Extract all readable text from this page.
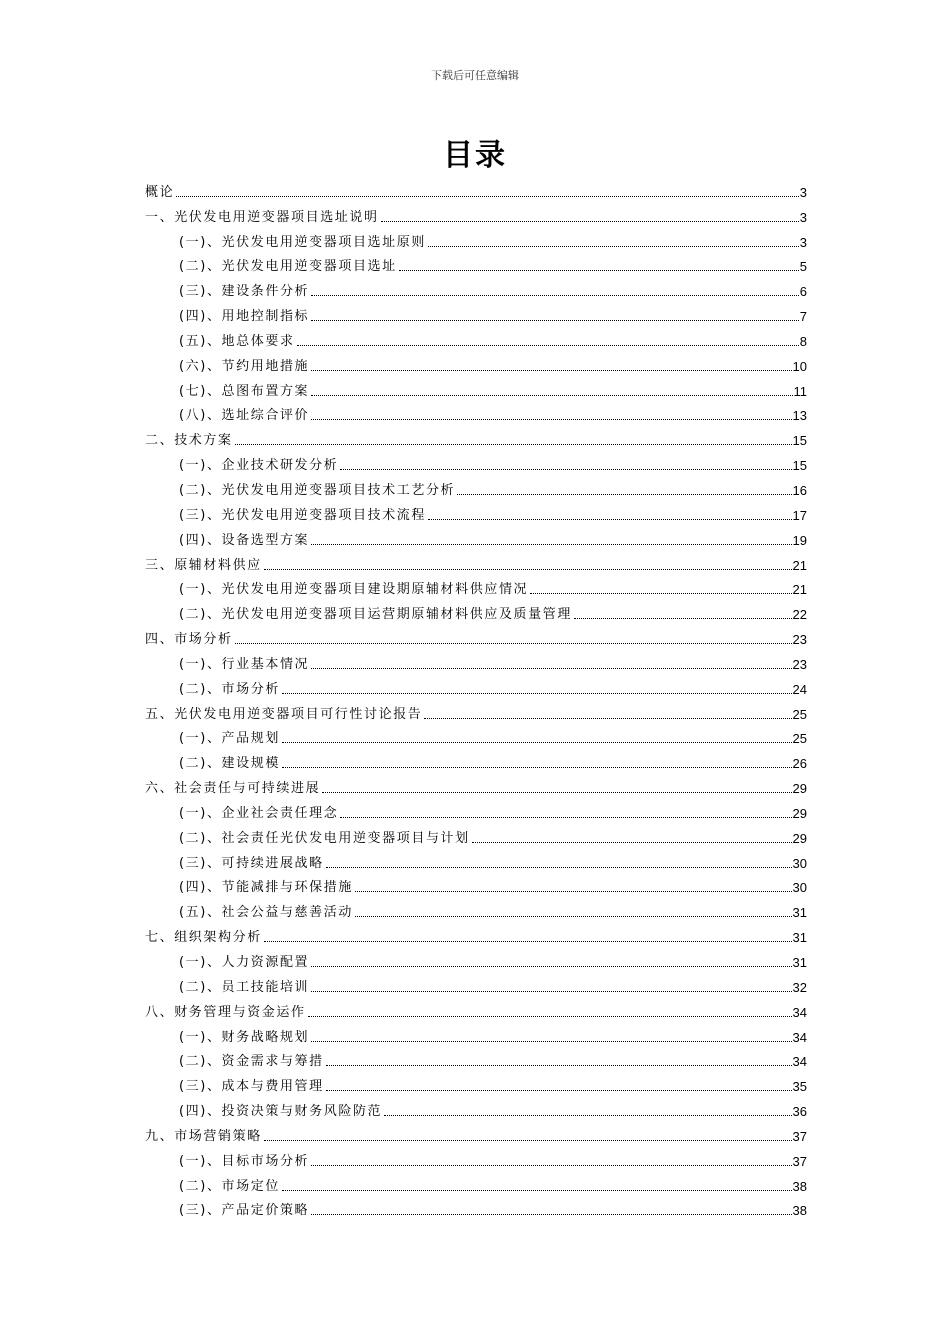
下载后可任意编辑
目录
概论	3
一、光伏发电用逆变器项目选址说明	3
(一)、光伏发电用逆变器项目选址原则	3
(二)、光伏发电用逆变器项目选址	5
(三)、建设条件分析	6
(四)、用地控制指标	7
(五)、地总体要求	8
(六)、节约用地措施	10
(七)、总图布置方案	11
(八)、选址综合评价	13
二、技术方案	15
(一)、企业技术研发分析	15
(二)、光伏发电用逆变器项目技术工艺分析	16
(三)、光伏发电用逆变器项目技术流程	17
(四)、设备选型方案	19
三、原辅材料供应	21
(一)、光伏发电用逆变器项目建设期原辅材料供应情况	21
(二)、光伏发电用逆变器项目运营期原辅材料供应及质量管理	22
四、市场分析	23
(一)、行业基本情况	23
(二)、市场分析	24
五、光伏发电用逆变器项目可行性讨论报告	25
(一)、产品规划	25
(二)、建设规模	26
六、社会责任与可持续进展	29
(一)、企业社会责任理念	29
(二)、社会责任光伏发电用逆变器项目与计划	29
(三)、可持续进展战略	30
(四)、节能减排与环保措施	30
(五)、社会公益与慈善活动	31
七、组织架构分析	31
(一)、人力资源配置	31
(二)、员工技能培训	32
八、财务管理与资金运作	34
(一)、财务战略规划	34
(二)、资金需求与筹措	34
(三)、成本与费用管理	35
(四)、投资决策与财务风险防范	36
九、市场营销策略	37
(一)、目标市场分析	37
(二)、市场定位	38
(三)、产品定价策略	38
